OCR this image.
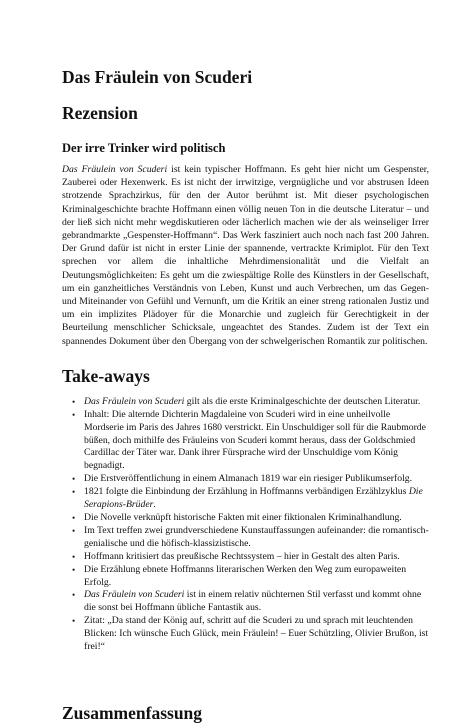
Das Fräulein von Scuderi
Rezension
Der irre Trinker wird politisch

Das Fräulein von Scuderi ist kein typischer Hoffmann. Es geht hier nicht um Gespenster, Zauberei oder Hexenwerk. Es ist nicht der irrwitzige, vergnügliche und vor abstrusen Ideen strotzende Sprachzirkus, für den der Autor berühmt ist. Mit dieser psychologischen Kriminalgeschichte brachte Hoffmann einen völlig neuen Ton in die deutsche Literatur – und der ließ sich nicht mehr wegdiskutieren oder lächerlich machen wie der als weinseliger Irrer gebrandmarkte „Gespenster-Hoffmann“. Das Werk fasziniert auch noch nach fast 200 Jahren. Der Grund dafür ist nicht in erster Linie der spannende, vertrackte Krimiplot. Für den Text sprechen vor allem die inhaltliche Mehrdimensionalität und die Vielfalt an Deutungsmöglichkeiten: Es geht um die zwiespältige Rolle des Künstlers in der Gesellschaft, um ein ganzheitliches Verständnis von Leben, Kunst und auch Verbrechen, um das Gegen- und Miteinander von Gefühl und Vernunft, um die Kritik an einer streng rationalen Justiz und um ein implizites Plädoyer für die Monarchie und zugleich für Gerechtigkeit in der Beurteilung menschlicher Schicksale, ungeachtet des Standes. Zudem ist der Text ein spannendes Dokument über den Übergang von der schwelgerischen Romantik zur politischen.

Take-aways
• Das Fräulein von Scuderi gilt als die erste Kriminalgeschichte der deutschen Literatur.
• Inhalt: Die alternde Dichterin Magdaleine von Scuderi wird in eine unheilvolle Mordserie im Paris des Jahres 1680 verstrickt. Ein Unschuldiger soll für die Raubmorde büßen, doch mithilfe des Fräuleins von Scuderi kommt heraus, dass der Goldschmied Cardillac der Täter war. Dank ihrer Fürsprache wird der Unschuldige vom König begnadigt.
• Die Erstveröffentlichung in einem Almanach 1819 war ein riesiger Publikumserfolg.
• 1821 folgte die Einbindung der Erzählung in Hoffmanns verbändigen Erzählzyklus Die Serapions-Brüder.
• Die Novelle verknüpft historische Fakten mit einer fiktionalen Kriminalhandlung.
• Im Text treffen zwei grundverschiedene Kunstauffassungen aufeinander: die romantisch-genialische und die höfisch-klassizistische.
• Hoffmann kritisiert das preußische Rechtssystem – hier in Gestalt des alten Paris.
• Die Erzählung ebnete Hoffmanns literarischen Werken den Weg zum europaweiten Erfolg.
• Das Fräulein von Scuderi ist in einem relativ nüchternen Stil verfasst und kommt ohne die sonst bei Hoffmann übliche Fantastik aus.
• Zitat: „Da stand der König auf, schritt auf die Scuderi zu und sprach mit leuchtenden Blicken: Ich wünsche Euch Glück, mein Fräulein! – Euer Schützling, Olivier Brußon, ist frei!“
Zusammenfassung
